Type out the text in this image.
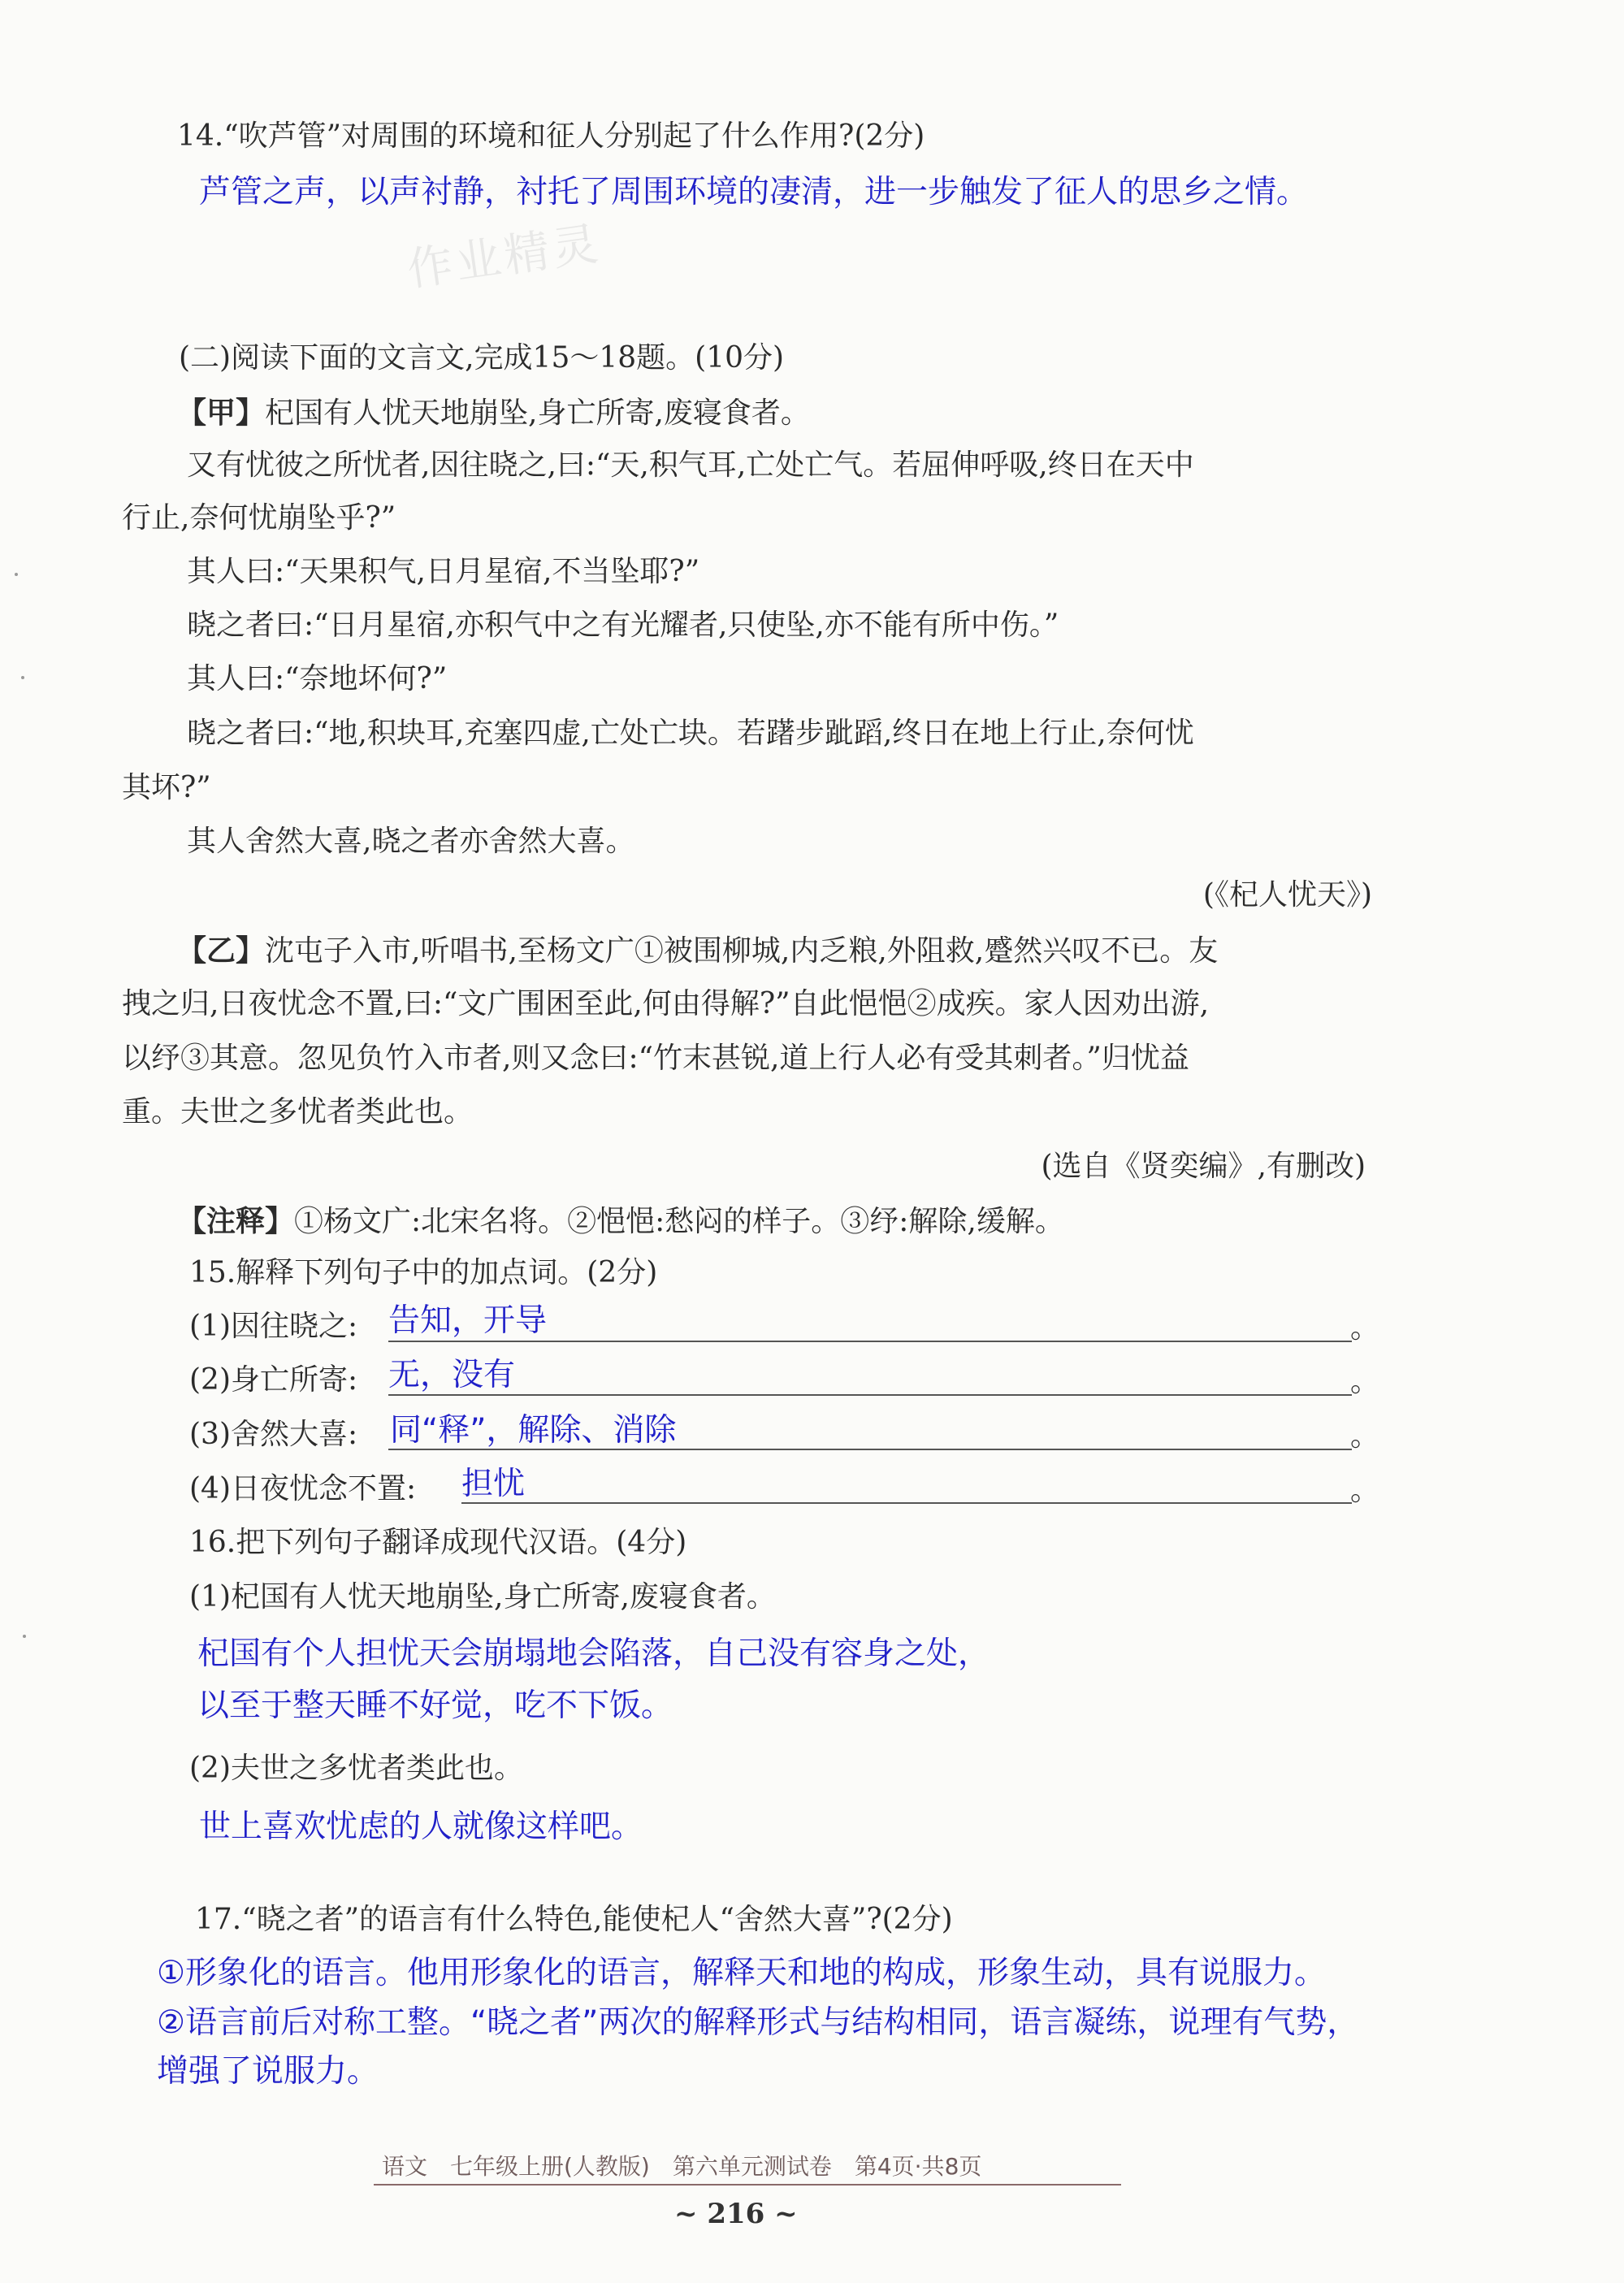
14.“吹芦管”对周围的环境和征人分别起了什么作用?(2分)
芦管之声，以声衬静，衬托了周围环境的凄清，进一步触发了征人的思乡之情。
作业精灵
(二)阅读下面的文言文,完成15～18题。(10分)
【甲】杞国有人忧天地崩坠,身亡所寄,废寝食者。
又有忧彼之所忧者,因往晓之,曰:“天,积气耳,亡处亡气。若屈伸呼吸,终日在天中
行止,奈何忧崩坠乎?”
其人曰:“天果积气,日月星宿,不当坠耶?”
晓之者曰:“日月星宿,亦积气中之有光耀者,只使坠,亦不能有所中伤。”
其人曰:“奈地坏何?”
晓之者曰:“地,积块耳,充塞四虚,亡处亡块。若躇步跐蹈,终日在地上行止,奈何忧
其坏?”
其人舍然大喜,晓之者亦舍然大喜。
(《杞人忧天》)
【乙】沈屯子入市,听唱书,至杨文广①被围柳城,内乏粮,外阻救,蹙然兴叹不已。友
拽之归,日夜忧念不置,曰:“文广围困至此,何由得解?”自此悒悒②成疾。家人因劝出游,
以纾③其意。忽见负竹入市者,则又念曰:“竹末甚锐,道上行人必有受其刺者。”归忧益
重。夫世之多忧者类此也。
(选自《贤奕编》,有删改)
【注释】①杨文广:北宋名将。②悒悒:愁闷的样子。③纾:解除,缓解。
15.解释下列句子中的加点词。(2分)
(1)因往晓之: 告知，开导	。
(2)身亡所寄: 无，没有	。
(3)舍然大喜: 同“释”，解除、消除	。
(4)日夜忧念不置: 担忧	。
16.把下列句子翻译成现代汉语。(4分)
(1)杞国有人忧天地崩坠,身亡所寄,废寝食者。
杞国有个人担忧天会崩塌地会陷落，自己没有容身之处，
以至于整天睡不好觉，吃不下饭。
(2)夫世之多忧者类此也。
世上喜欢忧虑的人就像这样吧。
17.“晓之者”的语言有什么特色,能使杞人“舍然大喜”?(2分)
①形象化的语言。他用形象化的语言，解释天和地的构成，形象生动，具有说服力。
②语言前后对称工整。“晓之者”两次的解释形式与结构相同，语言凝练，说理有气势，
增强了说服力。
语文　七年级上册(人教版)　第六单元测试卷　第4页·共8页
~ 216 ~
